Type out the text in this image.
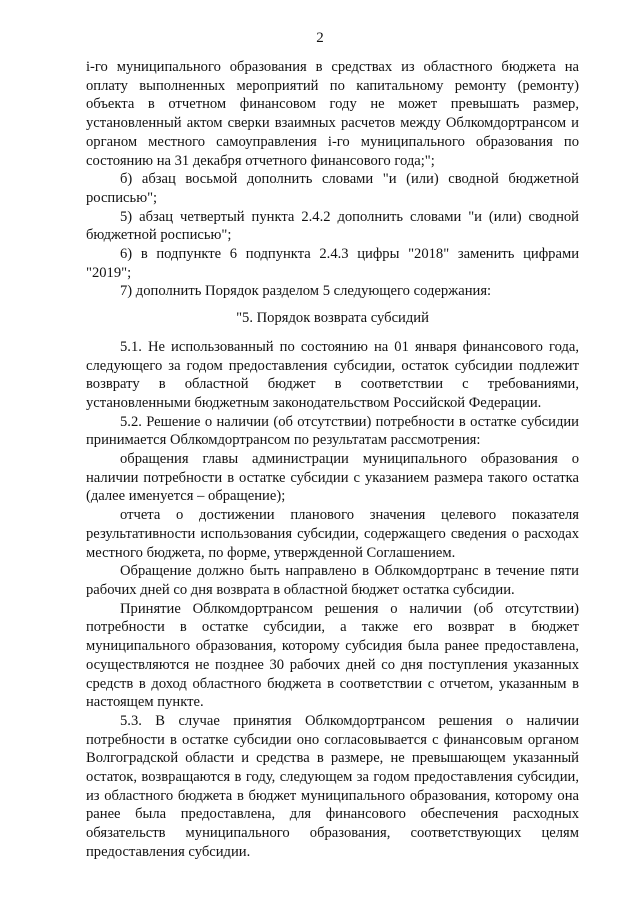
2

i-го муниципального образования в средствах из областного бюджета на оплату выполненных мероприятий по капитальному ремонту (ремонту) объекта в отчетном финансовом году не может превышать размер, установленный актом сверки взаимных расчетов между Облкомдортрансом и органом местного самоуправления i-го муниципального образования по состоянию на 31 декабря отчетного финансового года;";

б) абзац восьмой дополнить словами "и (или) сводной бюджетной росписью";

5) абзац четвертый пункта 2.4.2 дополнить словами "и (или) сводной бюджетной росписью";

6) в подпункте 6 подпункта 2.4.3 цифры "2018" заменить цифрами "2019";

7) дополнить Порядок разделом 5 следующего содержания:

"5. Порядок возврата субсидий

5.1. Не использованный по состоянию на 01 января финансового года, следующего за годом предоставления субсидии, остаток субсидии подлежит возврату в областной бюджет в соответствии с требованиями, установленными бюджетным законодательством Российской Федерации.

5.2. Решение о наличии (об отсутствии) потребности в остатке субсидии принимается Облкомдортрансом по результатам рассмотрения:

обращения главы администрации муниципального образования о наличии потребности в остатке субсидии с указанием размера такого остатка (далее именуется – обращение);

отчета о достижении планового значения целевого показателя результативности использования субсидии, содержащего сведения о расходах местного бюджета, по форме, утвержденной Соглашением.

Обращение должно быть направлено в Облкомдортранс в течение пяти рабочих дней со дня возврата в областной бюджет остатка субсидии.

Принятие Облкомдортрансом решения о наличии (об отсутствии) потребности в остатке субсидии, а также его возврат в бюджет муниципального образования, которому субсидия была ранее предоставлена, осуществляются не позднее 30 рабочих дней со дня поступления указанных средств в доход областного бюджета в соответствии с отчетом, указанным в настоящем пункте.

5.3. В случае принятия Облкомдортрансом решения о наличии потребности в остатке субсидии оно согласовывается с финансовым органом Волгоградской области и средства в размере, не превышающем указанный остаток, возвращаются в году, следующем за годом предоставления субсидии, из областного бюджета в бюджет муниципального образования, которому она ранее была предоставлена, для финансового обеспечения расходных обязательств муниципального образования, соответствующих целям предоставления субсидии.
